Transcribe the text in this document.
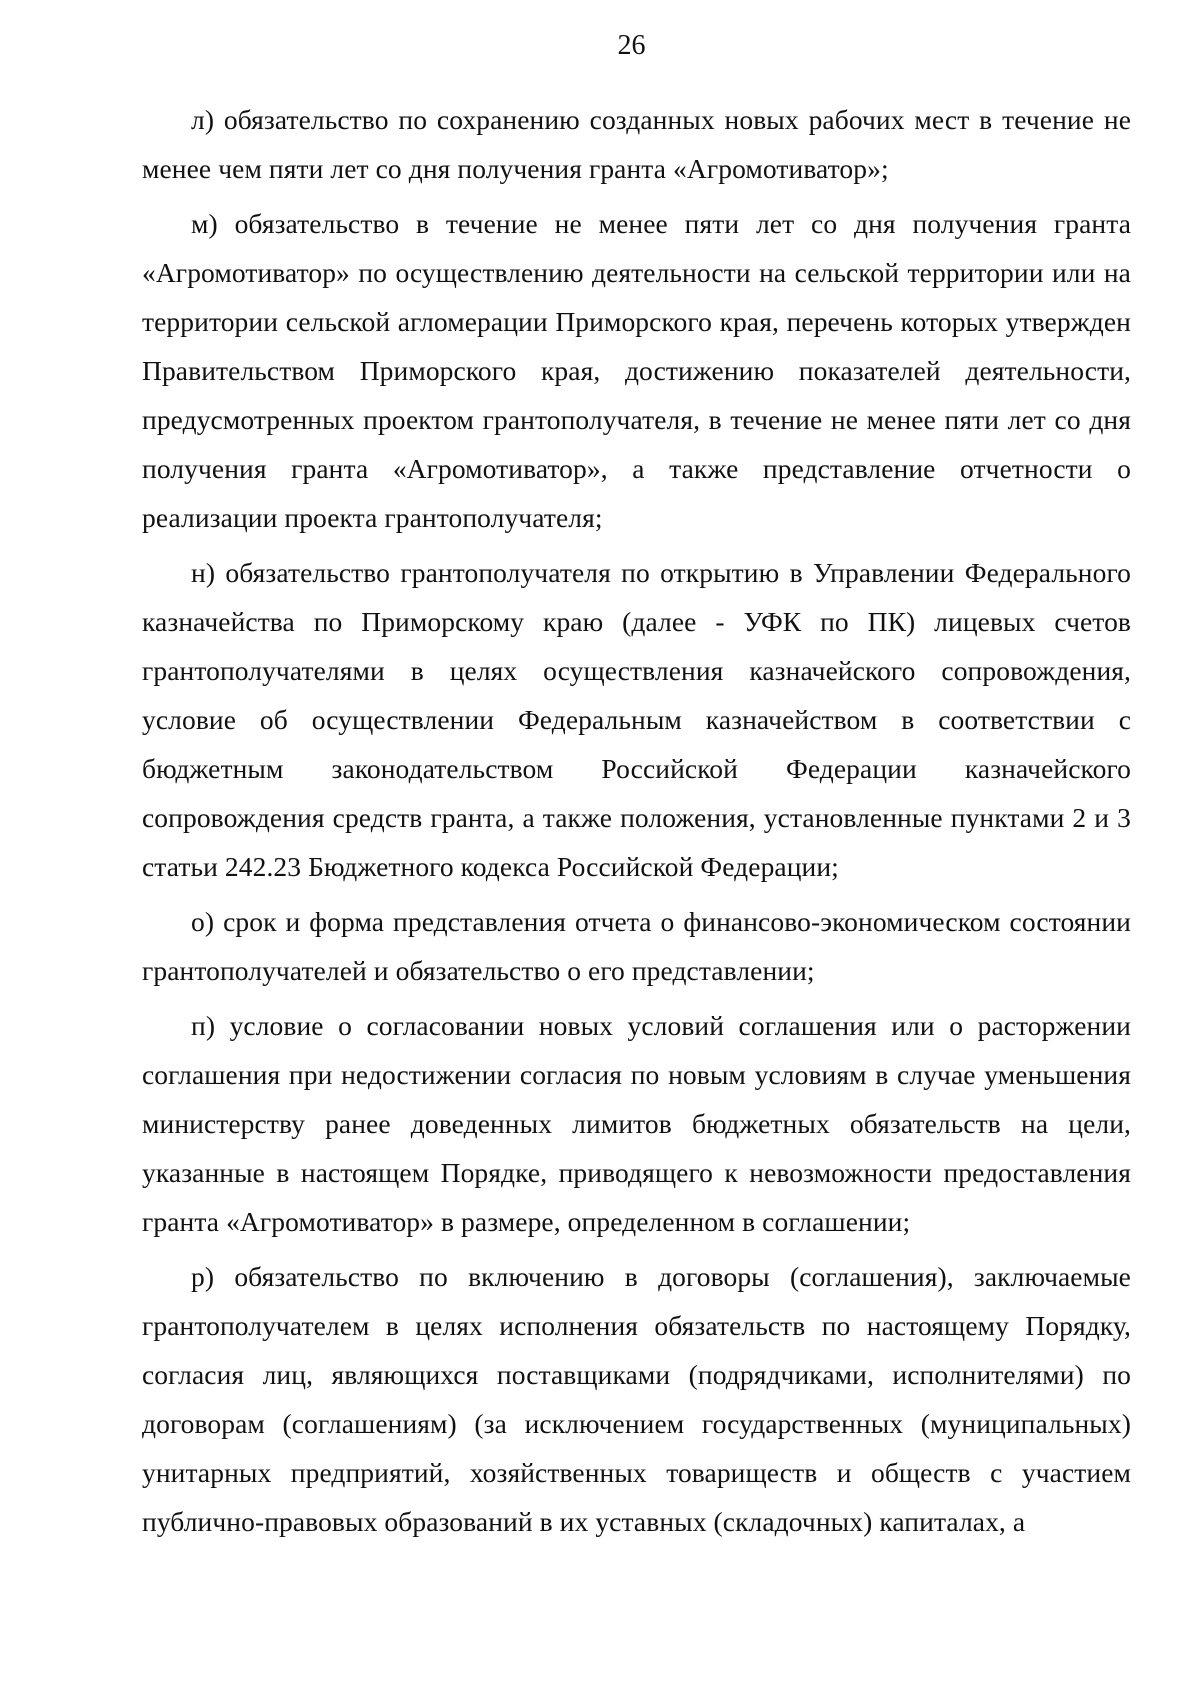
26

л) обязательство по сохранению созданных новых рабочих мест в течение не менее чем пяти лет со дня получения гранта «Агромотиватор»;

м) обязательство в течение не менее пяти лет со дня получения гранта «Агромотиватор» по осуществлению деятельности на сельской территории или на территории сельской агломерации Приморского края, перечень которых утвержден Правительством Приморского края, достижению показателей деятельности, предусмотренных проектом грантополучателя, в течение не менее пяти лет со дня получения гранта «Агромотиватор», а также представление отчетности о реализации проекта грантополучателя;

н) обязательство грантополучателя по открытию в Управлении Федерального казначейства по Приморскому краю (далее - УФК по ПК) лицевых счетов грантополучателями в целях осуществления казначейского сопровождения, условие об осуществлении Федеральным казначейством в соответствии с бюджетным законодательством Российской Федерации казначейского сопровождения средств гранта, а также положения, установленные пунктами 2 и 3 статьи 242.23 Бюджетного кодекса Российской Федерации;

о) срок и форма представления отчета о финансово-экономическом состоянии грантополучателей и обязательство о его представлении;

п) условие о согласовании новых условий соглашения или о расторжении соглашения при недостижении согласия по новым условиям в случае уменьшения министерству ранее доведенных лимитов бюджетных обязательств на цели, указанные в настоящем Порядке, приводящего к невозможности предоставления гранта «Агромотиватор» в размере, определенном в соглашении;

р) обязательство по включению в договоры (соглашения), заключаемые грантополучателем в целях исполнения обязательств по настоящему Порядку, согласия лиц, являющихся поставщиками (подрядчиками, исполнителями) по договорам (соглашениям) (за исключением государственных (муниципальных) унитарных предприятий, хозяйственных товариществ и обществ с участием публично-правовых образований в их уставных (складочных) капиталах, а
